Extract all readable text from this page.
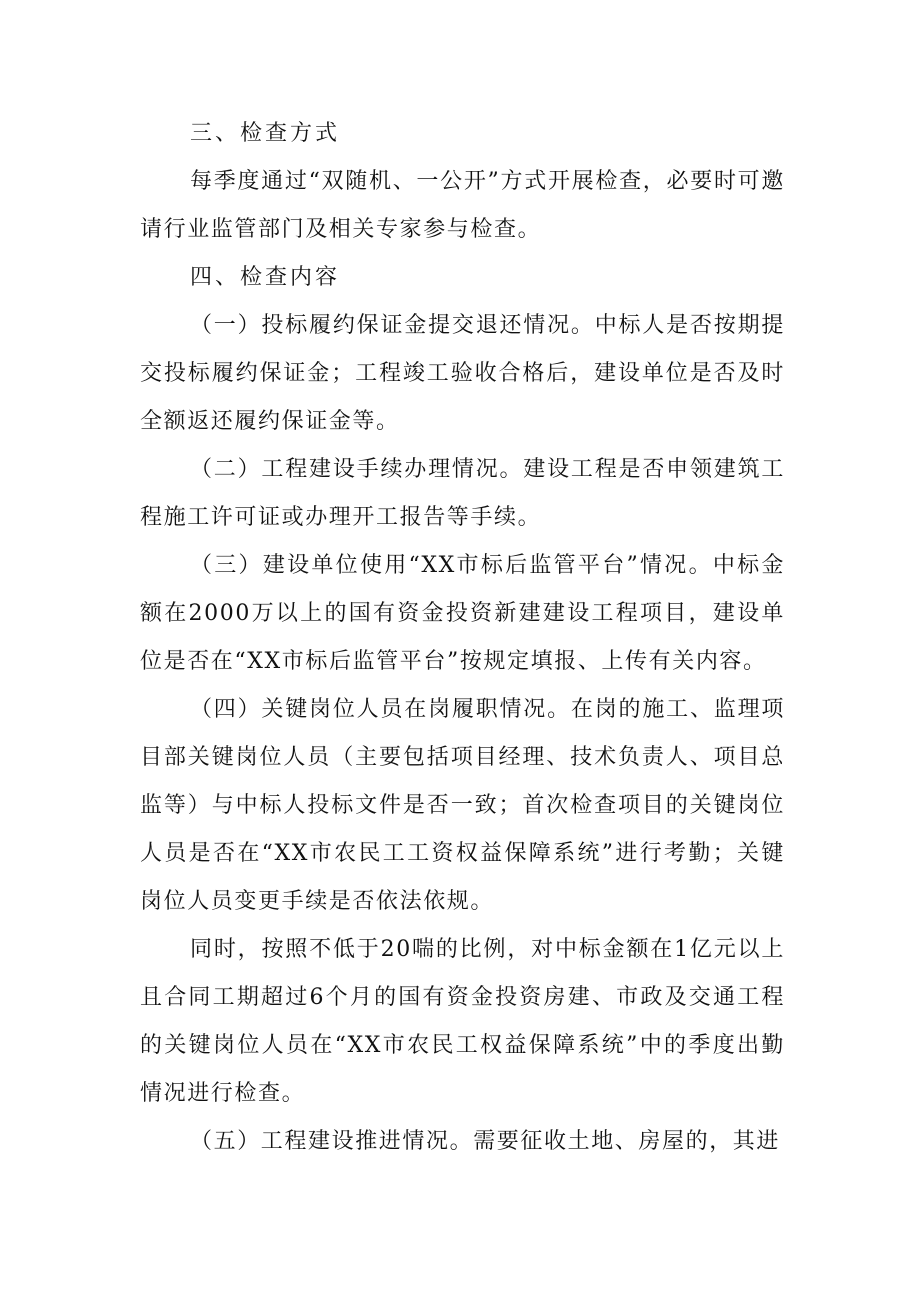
三、检查方式

每季度通过“双随机、一公开”方式开展检查，必要时可邀请行业监管部门及相关专家参与检查。

四、检查内容

（一）投标履约保证金提交退还情况。中标人是否按期提交投标履约保证金；工程竣工验收合格后，建设单位是否及时全额返还履约保证金等。

（二）工程建设手续办理情况。建设工程是否申领建筑工程施工许可证或办理开工报告等手续。

（三）建设单位使用“XX市标后监管平台”情况。中标金额在2000万以上的国有资金投资新建建设工程项目，建设单位是否在“XX市标后监管平台”按规定填报、上传有关内容。

（四）关键岗位人员在岗履职情况。在岗的施工、监理项目部关键岗位人员（主要包括项目经理、技术负责人、项目总监等）与中标人投标文件是否一致；首次检查项目的关键岗位人员是否在“XX市农民工工资权益保障系统”进行考勤；关键岗位人员变更手续是否依法依规。

同时，按照不低于20喘的比例，对中标金额在1亿元以上且合同工期超过6个月的国有资金投资房建、市政及交通工程的关键岗位人员在“XX市农民工权益保障系统”中的季度出勤情况进行检查。

（五）工程建设推进情况。需要征收土地、房屋的，其进
